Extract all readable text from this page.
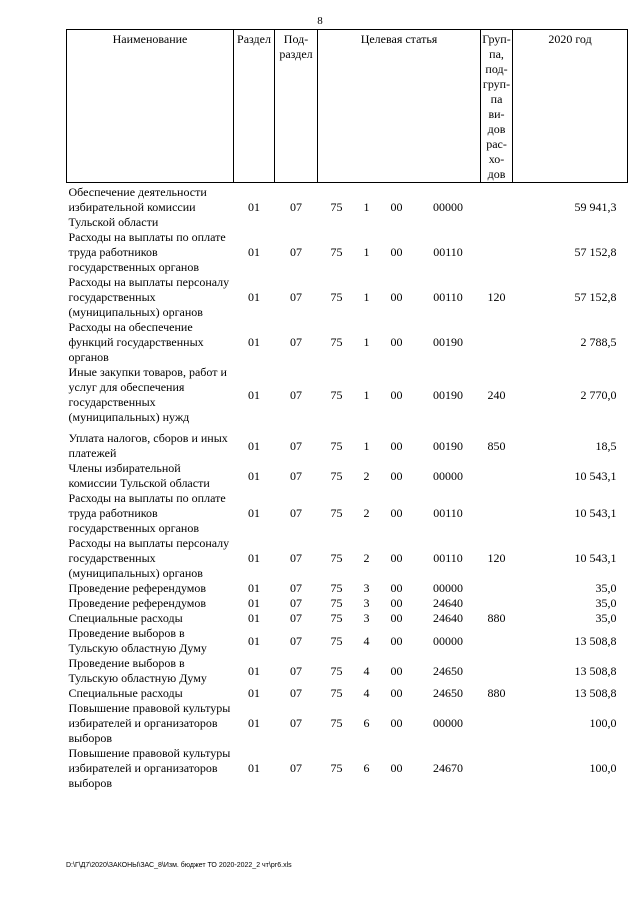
8
Наименование	Раздел	Под-раздел	Целевая статья				Груп-па, под-груп-па ви-дов рас-хо-дов	2020 год
Обеспечение деятельности избирательной комиссии Тульской области	01	07	75	1	00	00000		59 941,3
Расходы на выплаты по оплате труда работников государственных органов	01	07	75	1	00	00110		57 152,8
Расходы на выплаты персоналу государственных (муниципальных) органов	01	07	75	1	00	00110	120	57 152,8
Расходы на обеспечение функций государственных органов	01	07	75	1	00	00190		2 788,5
Иные закупки товаров, работ и услуг для обеспечения государственных (муниципальных) нужд	01	07	75	1	00	00190	240	2 770,0
Уплата налогов, сборов и иных платежей	01	07	75	1	00	00190	850	18,5
Члены избирательной комиссии Тульской области	01	07	75	2	00	00000		10 543,1
Расходы на выплаты по оплате труда работников государственных органов	01	07	75	2	00	00110		10 543,1
Расходы на выплаты персоналу государственных (муниципальных) органов	01	07	75	2	00	00110	120	10 543,1
Проведение референдумов	01	07	75	3	00	00000		35,0
Проведение референдумов	01	07	75	3	00	24640		35,0
Специальные расходы	01	07	75	3	00	24640	880	35,0
Проведение выборов в Тульскую областную Думу	01	07	75	4	00	00000		13 508,8
Проведение выборов в Тульскую областную Думу	01	07	75	4	00	24650		13 508,8
Специальные расходы	01	07	75	4	00	24650	880	13 508,8
Повышение правовой культуры избирателей и организаторов выборов	01	07	75	6	00	00000		100,0
Повышение правовой культуры избирателей и организаторов выборов	01	07	75	6	00	24670		100,0
D:\Г\Д7\2020\ЗАКОНЫ\ЗАС_8\Изм. бюджет ТО 2020-2022_2 чт\рг6.xls
